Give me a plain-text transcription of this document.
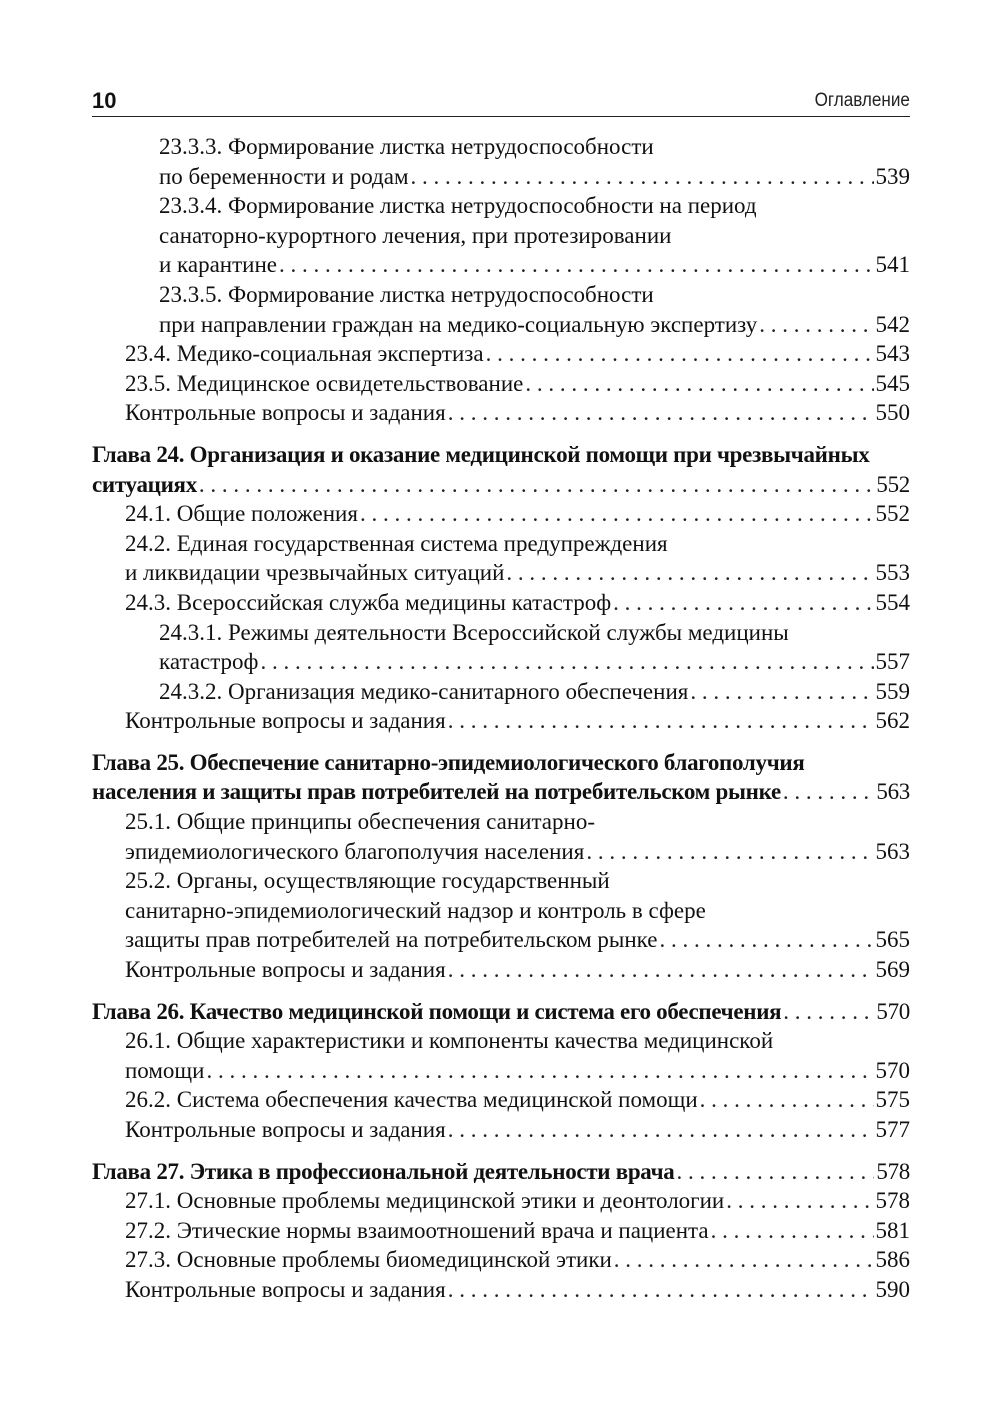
10	Оглавление
23.3.3. Формирование листка нетрудоспособности
по беременности и родам . . .	539
23.3.4. Формирование листка нетрудоспособности на период
санаторно-курортного лечения, при протезировании
и карантине . . .	541
23.3.5. Формирование листка нетрудоспособности
при направлении граждан на медико-социальную экспертизу . . .	542
23.4. Медико-социальная экспертиза . . .	543
23.5. Медицинское освидетельствование . . .	545
Контрольные вопросы и задания . . .	550
Глава 24. Организация и оказание медицинской помощи при чрезвычайных
ситуациях . . .	552
24.1. Общие положения . . .	552
24.2. Единая государственная система предупреждения
и ликвидации чрезвычайных ситуаций . . .	553
24.3. Всероссийская служба медицины катастроф . . .	554
24.3.1. Режимы деятельности Всероссийской службы медицины
катастроф . . .	557
24.3.2. Организация медико-санитарного обеспечения . . .	559
Контрольные вопросы и задания . . .	562
Глава 25. Обеспечение санитарно-эпидемиологического благополучия
населения и защиты прав потребителей на потребительском рынке . . .	563
25.1. Общие принципы обеспечения санитарно-
эпидемиологического благополучия населения . . .	563
25.2. Органы, осуществляющие государственный
санитарно-эпидемиологический надзор и контроль в сфере
защиты прав потребителей на потребительском рынке . . .	565
Контрольные вопросы и задания . . .	569
Глава 26. Качество медицинской помощи и система его обеспечения . . .	570
26.1. Общие характеристики и компоненты качества медицинской
помощи . . .	570
26.2. Система обеспечения качества медицинской помощи . . .	575
Контрольные вопросы и задания . . .	577
Глава 27. Этика в профессиональной деятельности врача . . .	578
27.1. Основные проблемы медицинской этики и деонтологии . . .	578
27.2. Этические нормы взаимоотношений врача и пациента . . .	581
27.3. Основные проблемы биомедицинской этики . . .	586
Контрольные вопросы и задания . . .	590
